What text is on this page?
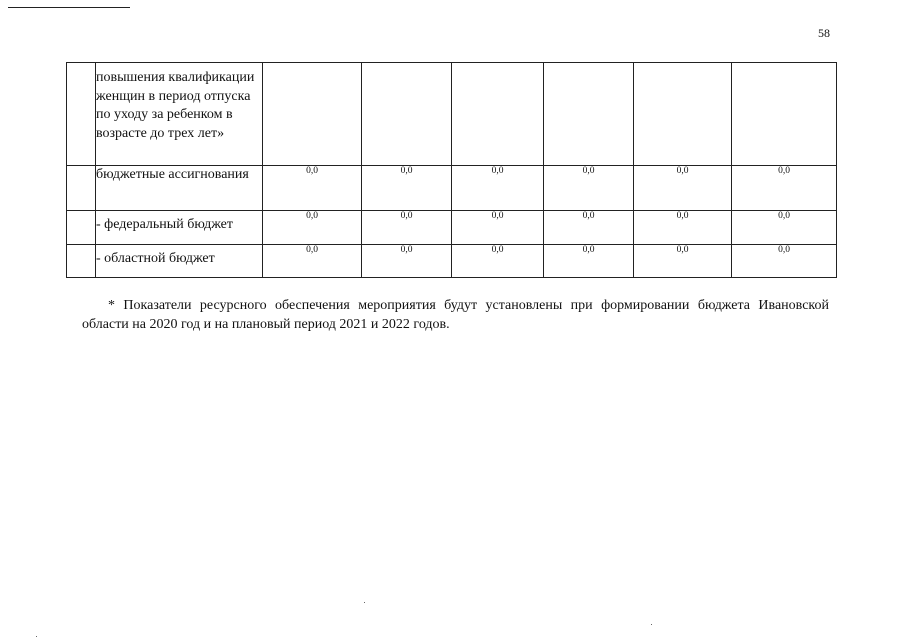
58
	повышения квалификации женщин в период отпуска по уходу за ребенком в возрасте до трех лет»						
	бюджетные ассигнования	0,0	0,0	0,0	0,0	0,0	0,0
	- федеральный бюджет	0,0	0,0	0,0	0,0	0,0	0,0
	- областной бюджет	0,0	0,0	0,0	0,0	0,0	0,0

* Показатели ресурсного обеспечения мероприятия будут установлены при формировании бюджета Ивановской области на 2020 год и на плановый период 2021 и 2022 годов.
